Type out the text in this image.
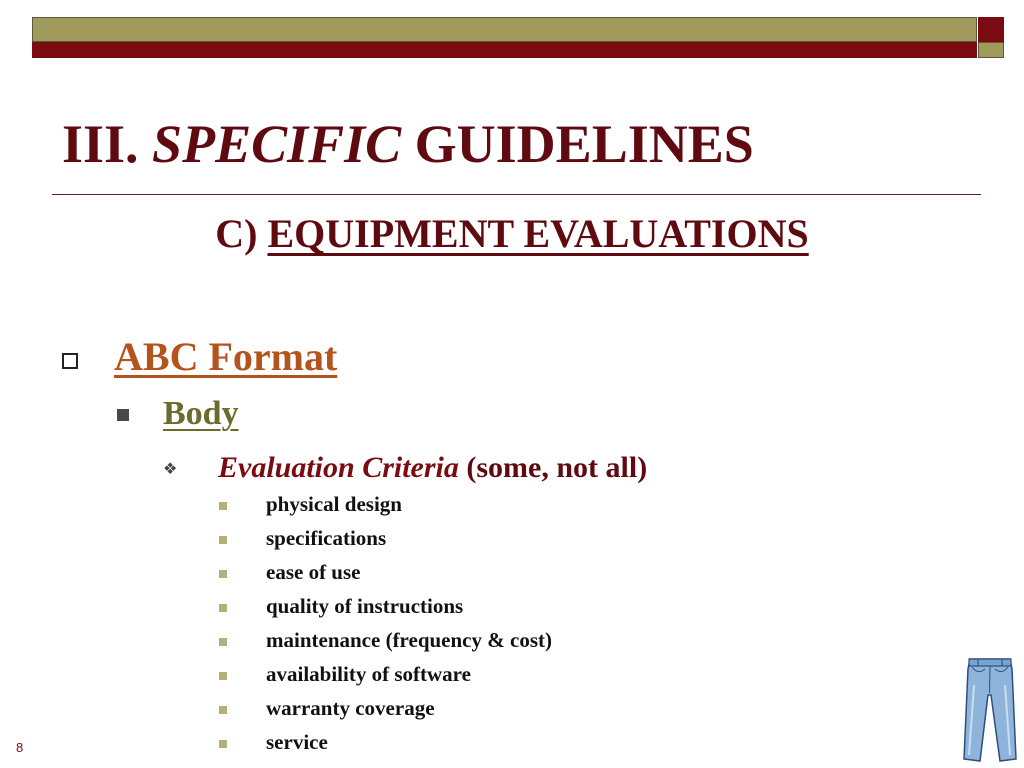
III. SPECIFIC GUIDELINES
C) EQUIPMENT EVALUATIONS
ABC Format
Body
❖ Evaluation Criteria (some, not all)
physical design
specifications
ease of use
quality of instructions
maintenance (frequency & cost)
availability of software
warranty coverage
service
8
